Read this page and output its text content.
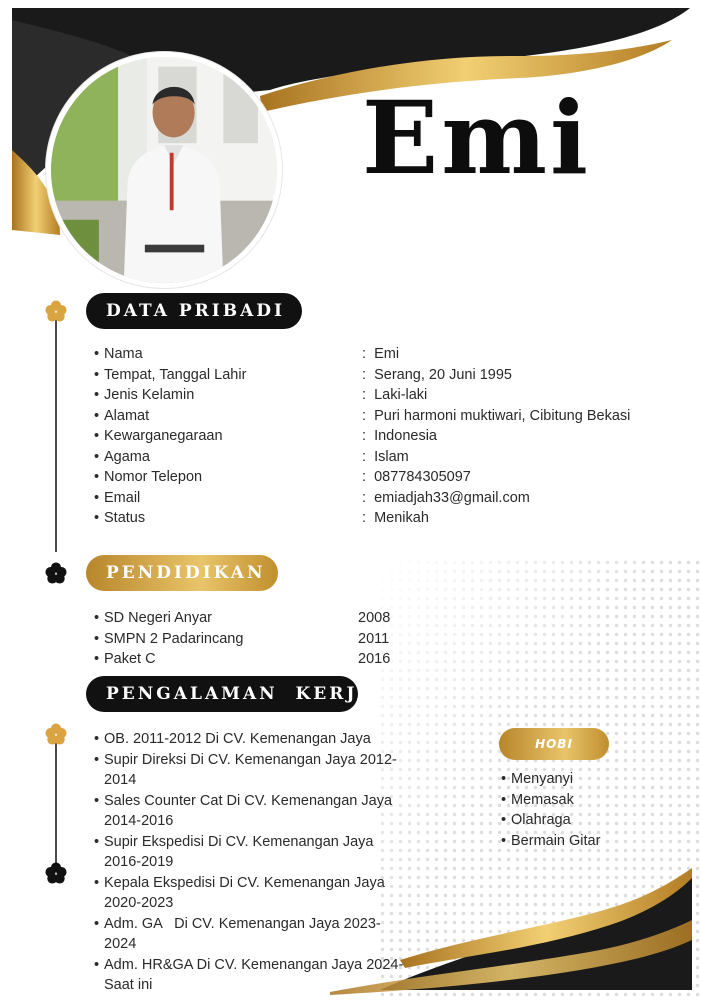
Emi
DATA PRIBADI
• Nama	:  Emi
• Tempat, Tanggal Lahir	:  Serang, 20 Juni 1995
• Jenis Kelamin	:  Laki-laki
• Alamat	:  Puri harmoni muktiwari, Cibitung Bekasi
• Kewarganegaraan	:  Indonesia
• Agama	:  Islam
• Nomor Telepon	:  087784305097
• Email	:  emiadjah33@gmail.com
• Status	:  Menikah
PENDIDIKAN
• SD Negeri Anyar	2008
• SMPN 2 Padarincang	2011
• Paket C	2016
PENGALAMAN  KERJA
• OB. 2011-2012 Di CV. Kemenangan Jaya
• Supir Direksi Di CV. Kemenangan Jaya 2012-2014
• Sales Counter Cat Di CV. Kemenangan Jaya 2014-2016
• Supir Ekspedisi Di CV. Kemenangan Jaya 2016-2019
• Kepala Ekspedisi Di CV. Kemenangan Jaya 2020-2023
• Adm. GA   Di CV. Kemenangan Jaya 2023-2024
• Adm. HR&GA Di CV. Kemenangan Jaya 2024-Saat ini
HOBI
• Menyanyi
• Memasak
• Olahraga
• Bermain Gitar
